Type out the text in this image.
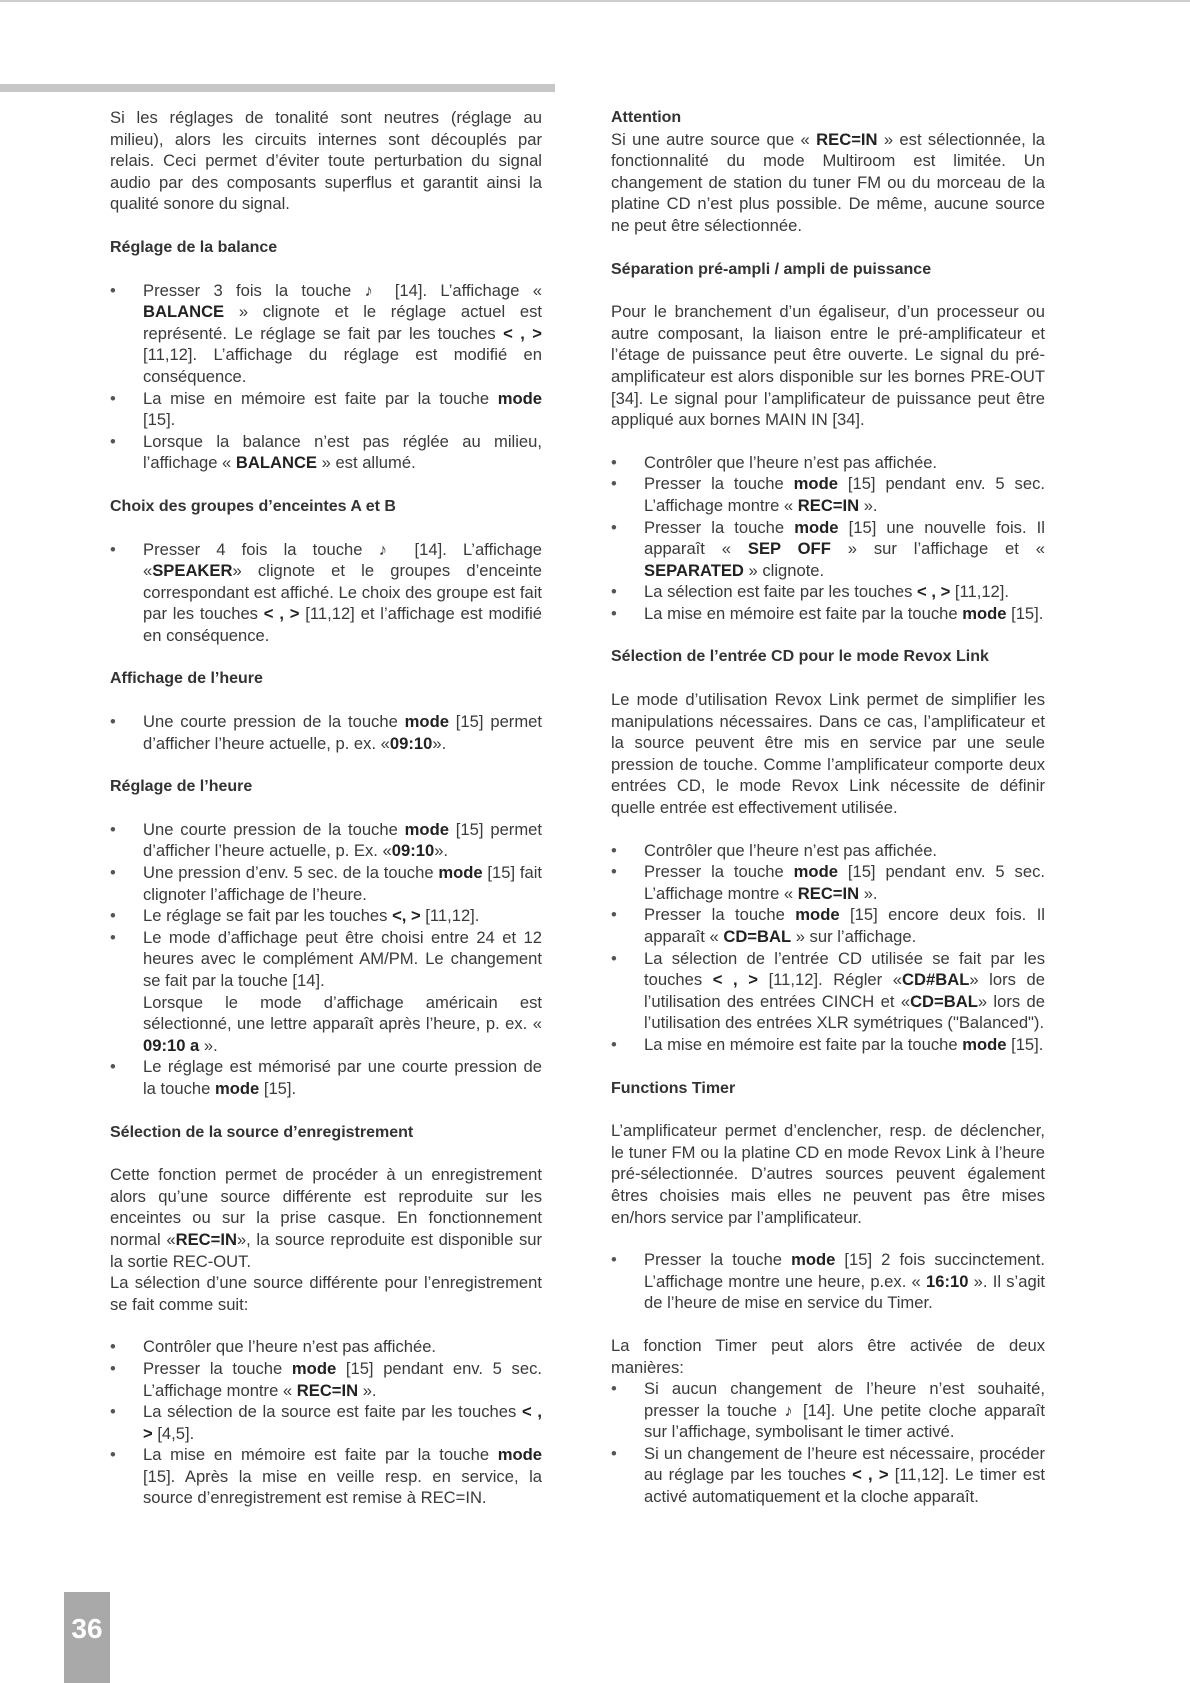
Si les réglages de tonalité sont neutres (réglage au milieu), alors les circuits internes sont découplés par relais. Ceci permet d’éviter toute perturbation du signal audio par des composants superflus et garantit ainsi la qualité sonore du signal.

Réglage de la balance
• Presser 3 fois la touche ♪ [14]. L’affichage « BALANCE » clignote et le réglage actuel est représenté. Le réglage se fait par les touches < , > [11,12]. L’affichage du réglage est modifié en conséquence.
• La mise en mémoire est faite par la touche mode [15].
• Lorsque la balance n’est pas réglée au milieu, l’affichage « BALANCE » est allumé.
Choix des groupes d’enceintes A et B
• Presser 4 fois la touche ♪ [14]. L’affichage «SPEAKER» clignote et le groupes d’enceinte correspondant est affiché. Le choix des groupe est fait par les touches < , > [11,12] et l’affichage est modifié en conséquence.
Affichage de l’heure
• Une courte pression de la touche mode [15] permet d’afficher l’heure actuelle, p. ex. «09:10».
Réglage de l’heure
• Une courte pression de la touche mode [15] permet d’afficher l’heure actuelle, p. Ex. «09:10».
• Une pression d’env. 5 sec. de la touche mode [15] fait clignoter l’affichage de l’heure.
• Le réglage se fait par les touches <, > [11,12].
• Le mode d’affichage peut être choisi entre 24 et 12 heures avec le complément AM/PM. Le changement se fait par la touche [14].
Lorsque le mode d’affichage américain est sélectionné, une lettre apparaît après l’heure, p. ex. « 09:10 a ».
• Le réglage est mémorisé par une courte pression de la touche mode [15].
Sélection de la source d’enregistrement

Cette fonction permet de procéder à un enregistrement alors qu’une source différente est reproduite sur les enceintes ou sur la prise casque. En fonctionnement normal «REC=IN», la source reproduite est disponible sur la sortie REC-OUT.

La sélection d’une source différente pour l’enregistrement se fait comme suit:

• Contrôler que l’heure n’est pas affichée.
• Presser la touche mode [15] pendant env. 5 sec. L’affichage montre « REC=IN ».
• La sélection de la source est faite par les touches < , > [4,5].
• La mise en mémoire est faite par la touche mode [15]. Après la mise en veille resp. en service, la source d’enregistrement est remise à REC=IN.
Attention

Si une autre source que « REC=IN » est sélectionnée, la fonctionnalité du mode Multiroom est limitée. Un changement de station du tuner FM ou du morceau de la platine CD n’est plus possible. De même, aucune source ne peut être sélectionnée.

Séparation pré-ampli / ampli de puissance

Pour le branchement d’un égaliseur, d’un processeur ou autre composant, la liaison entre le pré-amplificateur et l’étage de puissance peut être ouverte. Le signal du pré-amplificateur est alors disponible sur les bornes PRE-OUT [34]. Le signal pour l’amplificateur de puissance peut être appliqué aux bornes MAIN IN [34].

• Contrôler que l’heure n’est pas affichée.
• Presser la touche mode [15] pendant env. 5 sec. L’affichage montre « REC=IN ».
• Presser la touche mode [15] une nouvelle fois. Il apparaît « SEP OFF » sur l’affichage et « SEPARATED » clignote.
• La sélection est faite par les touches < , > [11,12].
• La mise en mémoire est faite par la touche mode [15].
Sélection de l’entrée CD pour le mode Revox Link

Le mode d’utilisation Revox Link permet de simplifier les manipulations nécessaires. Dans ce cas, l’amplificateur et la source peuvent être mis en service par une seule pression de touche. Comme l’amplificateur comporte deux entrées CD, le mode Revox Link nécessite de définir quelle entrée est effectivement utilisée.

• Contrôler que l’heure n’est pas affichée.
• Presser la touche mode [15] pendant env. 5 sec. L’affichage montre « REC=IN ».
• Presser la touche mode [15] encore deux fois. Il apparaît « CD=BAL » sur l’affichage.
• La sélection de l’entrée CD utilisée se fait par les touches < , > [11,12]. Régler «CD#BAL» lors de l’utilisation des entrées CINCH et «CD=BAL» lors de l’utilisation des entrées XLR symétriques ("Balanced").
• La mise en mémoire est faite par la touche mode [15].
Functions Timer

L’amplificateur permet d’enclencher, resp. de déclencher, le tuner FM ou la platine CD en mode Revox Link à l’heure pré-sélectionnée. D’autres sources peuvent également êtres choisies mais elles ne peuvent pas être mises en/hors service par l’amplificateur.

• Presser la touche mode [15] 2 fois succinctement. L’affichage montre une heure, p.ex. « 16:10 ». Il s’agit de l’heure de mise en service du Timer.

La fonction Timer peut alors être activée de deux manières:

• Si aucun changement de l’heure n’est souhaité, presser la touche ♪ [14]. Une petite cloche apparaît sur l’affichage, symbolisant le timer activé.
• Si un changement de l’heure est nécessaire, procéder au réglage par les touches < , > [11,12]. Le timer est activé automatiquement et la cloche apparaît.
36
